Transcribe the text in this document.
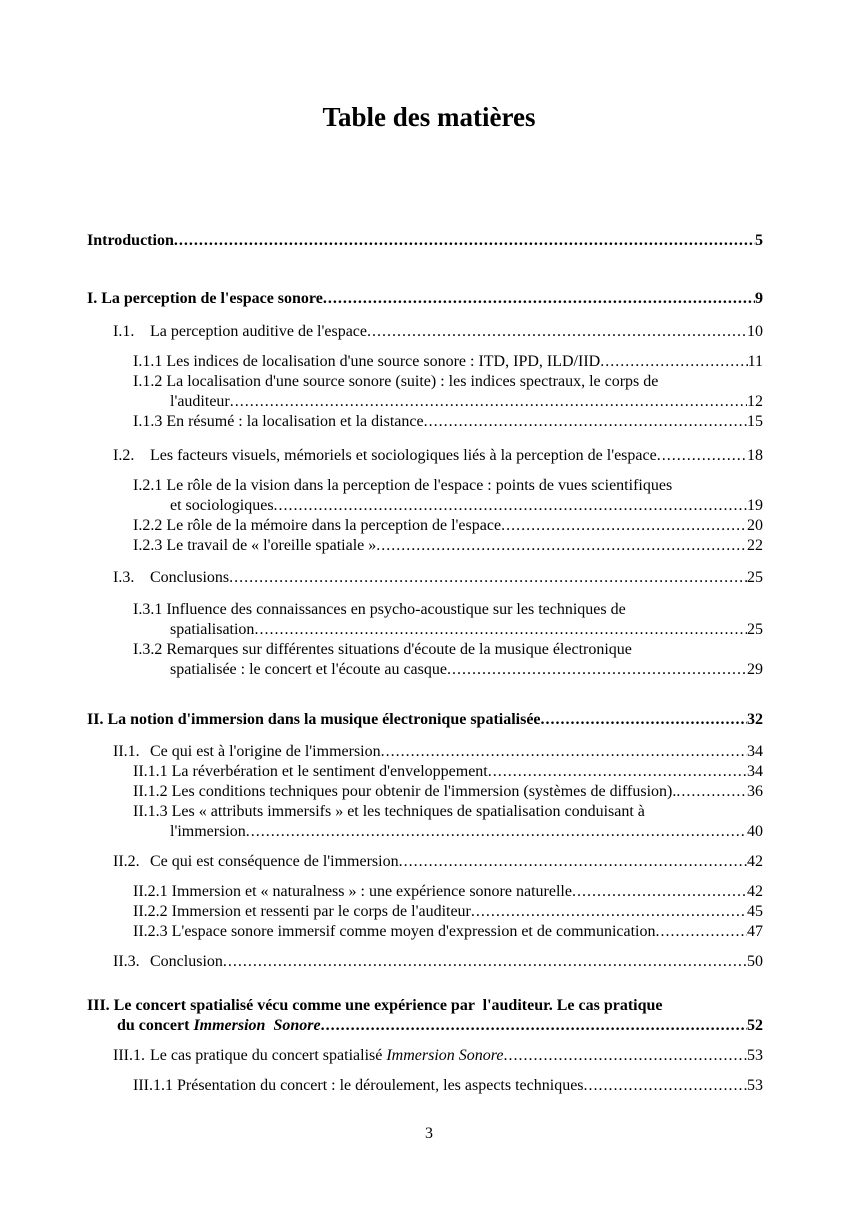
Table des matières
Introduction .....	5
I. La perception de l'espace sonore .....	9
I.1. La perception auditive de l'espace .....	10
I.1.1 Les indices de localisation d'une source sonore : ITD, IPD, ILD/IID .....	11
I.1.2 La localisation d'une source sonore (suite) : les indices spectraux, le corps de
l'auditeur .....	12
I.1.3 En résumé : la localisation et la distance .....	15
I.2. Les facteurs visuels, mémoriels et sociologiques liés à la perception de l'espace .....	18
I.2.1 Le rôle de la vision dans la perception de l'espace : points de vues scientifiques
et sociologiques .....	19
I.2.2 Le rôle de la mémoire dans la perception de l'espace .....	20
I.2.3 Le travail de « l'oreille spatiale » .....	22
I.3. Conclusions .....	25
I.3.1 Influence des connaissances en psycho-acoustique sur les techniques de
spatialisation .....	25
I.3.2 Remarques sur différentes situations d'écoute de la musique électronique
spatialisée : le concert et l'écoute au casque .....	29
II. La notion d'immersion dans la musique électronique spatialisée .....	32
II.1. Ce qui est à l'origine de l'immersion .....	34
II.1.1 La réverbération et le sentiment d'enveloppement .....	34
II.1.2 Les conditions techniques pour obtenir de l'immersion (systèmes de diffusion). .....	36
II.1.3 Les « attributs immersifs » et les techniques de spatialisation conduisant à
l'immersion .....	40
II.2. Ce qui est conséquence de l'immersion .....	42
II.2.1 Immersion et « naturalness » : une expérience sonore naturelle .....	42
II.2.2 Immersion et ressenti par le corps de l'auditeur .....	45
II.2.3 L'espace sonore immersif comme moyen d'expression et de communication .....	47
II.3. Conclusion .....	50
III. Le concert spatialisé vécu comme une expérience par  l'auditeur. Le cas pratique
du concert Immersion  Sonore .....	52
III.1. Le cas pratique du concert spatialisé Immersion Sonore .....	53
III.1.1 Présentation du concert : le déroulement, les aspects techniques .....	53
3
